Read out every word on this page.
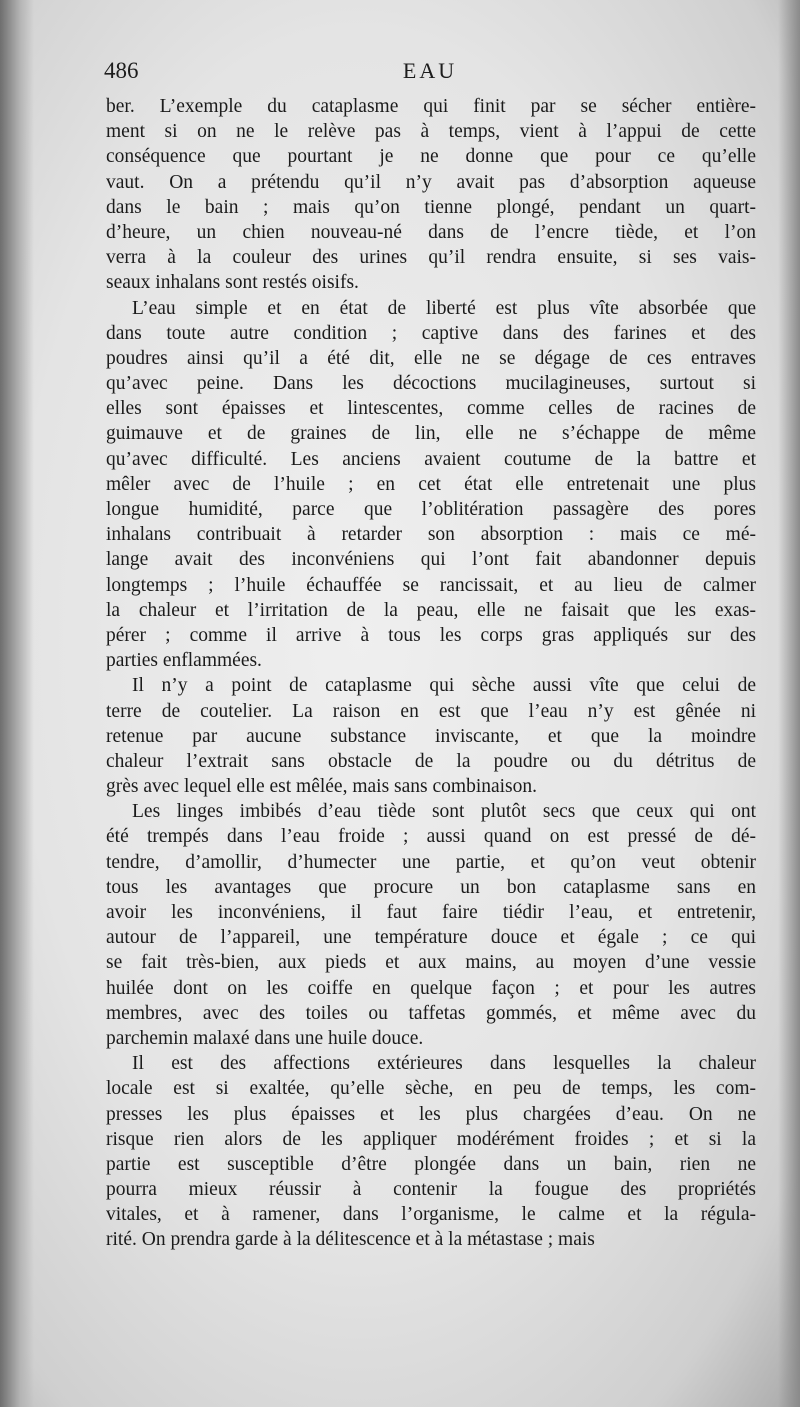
486	EAU
ber. L’exemple du cataplasme qui finit par se sécher entière-
ment si on ne le relève pas à temps, vient à l’appui de cette
conséquence que pourtant je ne donne que pour ce qu’elle
vaut. On a prétendu qu’il n’y avait pas d’absorption aqueuse
dans le bain ; mais qu’on tienne plongé, pendant un quart-
d’heure, un chien nouveau-né dans de l’encre tiède, et l’on
verra à la couleur des urines qu’il rendra ensuite, si ses vais-
seaux inhalans sont restés oisifs.
L’eau simple et en état de liberté est plus vîte absorbée que
dans toute autre condition ; captive dans des farines et des
poudres ainsi qu’il a été dit, elle ne se dégage de ces entraves
qu’avec peine. Dans les décoctions mucilagineuses, surtout si
elles sont épaisses et lintescentes, comme celles de racines de
guimauve et de graines de lin, elle ne s’échappe de même
qu’avec difficulté. Les anciens avaient coutume de la battre et
mêler avec de l’huile ; en cet état elle entretenait une plus
longue humidité, parce que l’oblitération passagère des pores
inhalans contribuait à retarder son absorption : mais ce mé-
lange avait des inconvéniens qui l’ont fait abandonner depuis
longtemps ; l’huile échauffée se rancissait, et au lieu de calmer
la chaleur et l’irritation de la peau, elle ne faisait que les exas-
pérer ; comme il arrive à tous les corps gras appliqués sur des
parties enflammées.
Il n’y a point de cataplasme qui sèche aussi vîte que celui de
terre de coutelier. La raison en est que l’eau n’y est gênée ni
retenue par aucune substance inviscante, et que la moindre
chaleur l’extrait sans obstacle de la poudre ou du détritus de
grès avec lequel elle est mêlée, mais sans combinaison.
Les linges imbibés d’eau tiède sont plutôt secs que ceux qui ont
été trempés dans l’eau froide ; aussi quand on est pressé de dé-
tendre, d’amollir, d’humecter une partie, et qu’on veut obtenir
tous les avantages que procure un bon cataplasme sans en
avoir les inconvéniens, il faut faire tiédir l’eau, et entretenir,
autour de l’appareil, une température douce et égale ; ce qui
se fait très-bien, aux pieds et aux mains, au moyen d’une vessie
huilée dont on les coiffe en quelque façon ; et pour les autres
membres, avec des toiles ou taffetas gommés, et même avec du
parchemin malaxé dans une huile douce.
Il est des affections extérieures dans lesquelles la chaleur
locale est si exaltée, qu’elle sèche, en peu de temps, les com-
presses les plus épaisses et les plus chargées d’eau. On ne
risque rien alors de les appliquer modérément froides ; et si la
partie est susceptible d’être plongée dans un bain, rien ne
pourra mieux réussir à contenir la fougue des propriétés
vitales, et à ramener, dans l’organisme, le calme et la régula-
rité. On prendra garde à la délitescence et à la métastase ; mais
